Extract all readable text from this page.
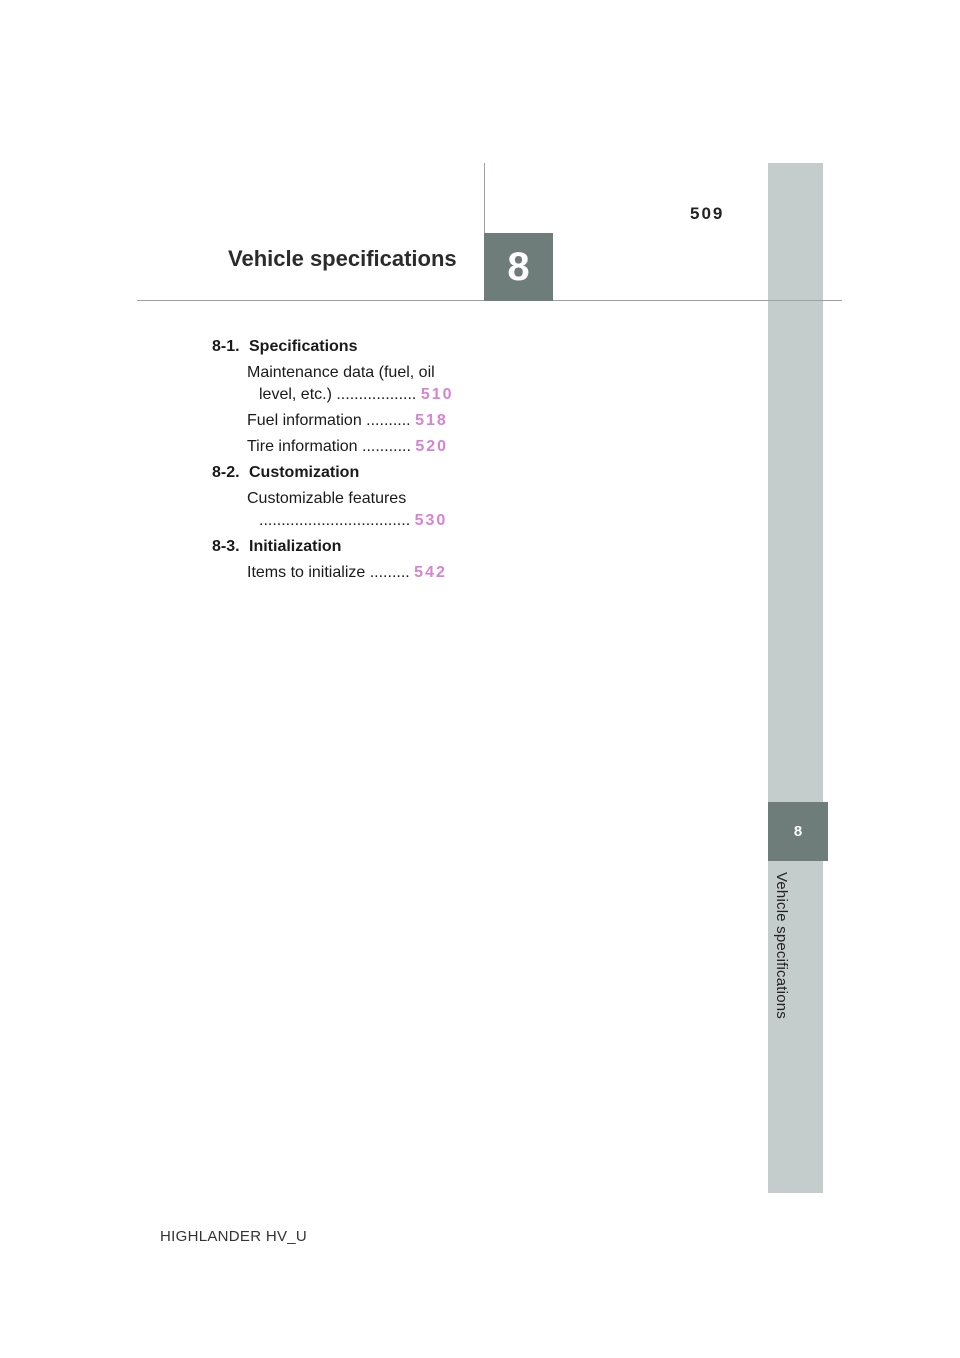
8
Vehicle specifications
509
Vehicle specifications	8
8-1. Specifications
Maintenance data (fuel, oil
level, etc.) .................. 510
Fuel information .......... 518
Tire information ........... 520
8-2. Customization
Customizable features
.................................. 530
8-3. Initialization
Items to initialize ......... 542
HIGHLANDER HV_U
